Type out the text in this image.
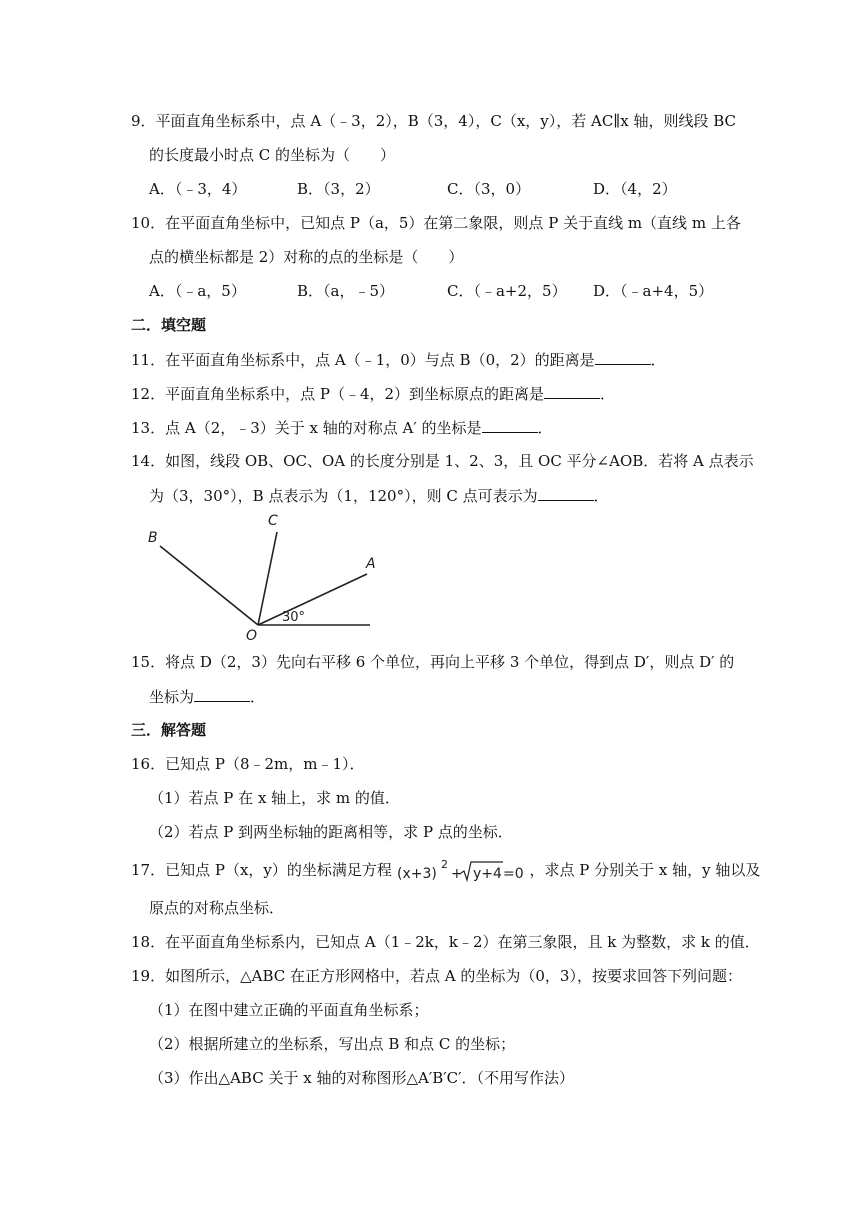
9．平面直角坐标系中，点 A（﹣3，2），B（3，4），C（x，y），若 AC∥x 轴，则线段 BC
的长度最小时点 C 的坐标为（　　）
A．（﹣3，4）	B．（3，2）	C．（3，0）	D．（4，2）
10．在平面直角坐标中，已知点 P（a，5）在第二象限，则点 P 关于直线 m（直线 m 上各
点的横坐标都是 2）对称的点的坐标是（　　）
A．（﹣a，5）	B．（a，﹣5）	C．（﹣a+2，5） D．（﹣a+4，5）
二．填空题
11．在平面直角坐标系中，点 A（﹣1，0）与点 B（0，2）的距离是	．
12．平面直角坐标系中，点 P（﹣4，2）到坐标原点的距离是	．
13．点 A（2，﹣3）关于 x 轴的对称点 A′ 的坐标是	．
14．如图，线段 OB、OC、OA 的长度分别是 1、2、3，且 OC 平分∠AOB．若将 A 点表示
为（3，30°），B 点表示为（1，120°），则 C 点可表示为	．
B
C
A
O
30°
15．将点 D（2，3）先向右平移 6 个单位，再向上平移 3 个单位，得到点 D′，则点 D′ 的
坐标为	．
三．解答题
16．已知点 P（8﹣2m，m﹣1）．
（1）若点 P 在 x 轴上，求 m 的值．
（2）若点 P 到两坐标轴的距离相等，求 P 点的坐标．
17．已知点 P（x，y）的坐标满足方程 (x+3)
2
+ y+4 =0 ，求点 P 分别关于 x 轴，y 轴以及
原点的对称点坐标．
18．在平面直角坐标系内，已知点 A（1﹣2k，k﹣2）在第三象限，且 k 为整数，求 k 的值．
19．如图所示，△ABC 在正方形网格中，若点 A 的坐标为（0，3），按要求回答下列问题：
（1）在图中建立正确的平面直角坐标系；
（2）根据所建立的坐标系，写出点 B 和点 C 的坐标；
（3）作出△ABC 关于 x 轴的对称图形△A′B′C′．（不用写作法）
